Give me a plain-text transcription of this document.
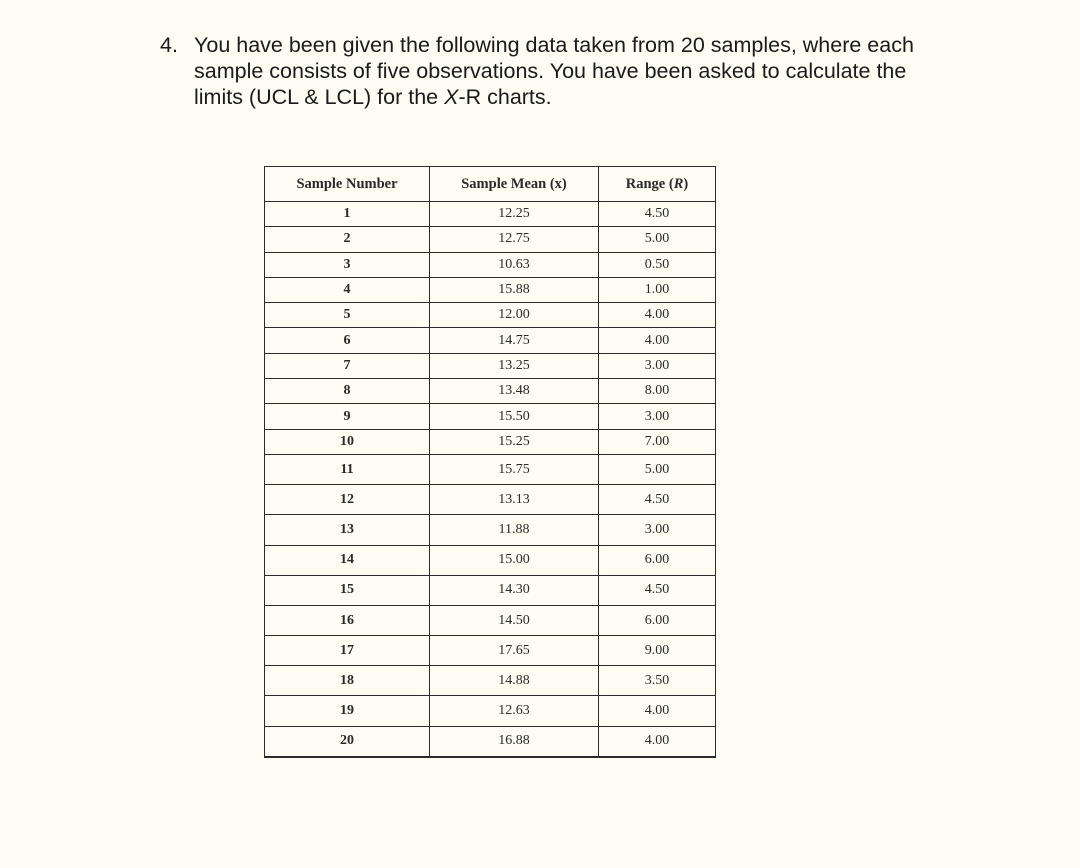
4. You have been given the following data taken from 20 samples, where each
sample consists of five observations. You have been asked to calculate the
limits (UCL & LCL) for the X-R charts.
Sample Number	Sample Mean (x)	Range (R)
1	12.25	4.50
2	12.75	5.00
3	10.63	0.50
4	15.88	1.00
5	12.00	4.00
6	14.75	4.00
7	13.25	3.00
8	13.48	8.00
9	15.50	3.00
10	15.25	7.00
11	15.75	5.00
12	13.13	4.50
13	11.88	3.00
14	15.00	6.00
15	14.30	4.50
16	14.50	6.00
17	17.65	9.00
18	14.88	3.50
19	12.63	4.00
20	16.88	4.00
